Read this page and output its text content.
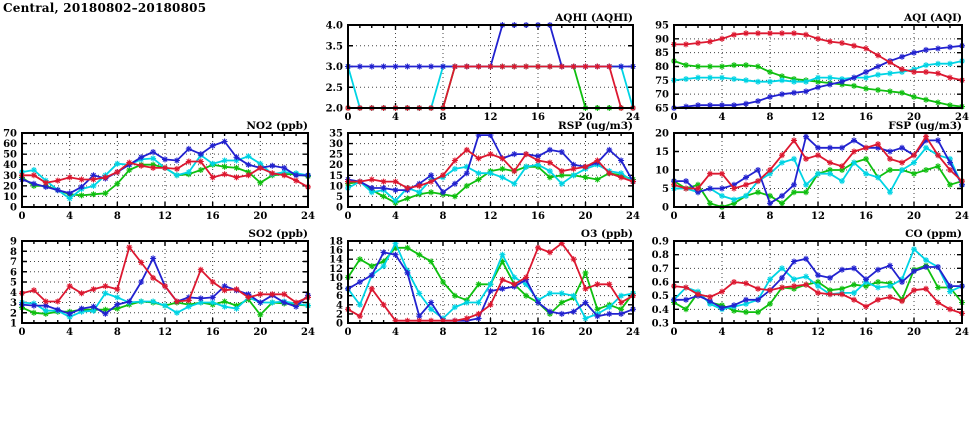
Central, 20180802–20180805
AQHI (AQHI)
2.0
2.5
3.0
3.5
4.0
0	4	8	12	16	20	24
AQI (AQI)
65
70
75
80
85
90
95
0	4	8	12	16	20	24
NO2 (ppb)
0
10
20
30
40
50
60
70
0	4	8	12	16	20	24
RSP (ug/m3)
0
5
10
15
20
25
30
35
0	4	8	12	16	20	24
FSP (ug/m3)
0
5
10
15
20
0	4	8	12	16	20	24
SO2 (ppb)
1
2
3
4
5
6
7
8
9
0	4	8	12	16	20	24
O3 (ppb)
0
2
4
6
8
10
12
14
16
18
0	4	8	12	16	20	24
CO (ppm)
0.3
0.4
0.5
0.6
0.7
0.8
0.9
0	4	8	12	16	20	24
